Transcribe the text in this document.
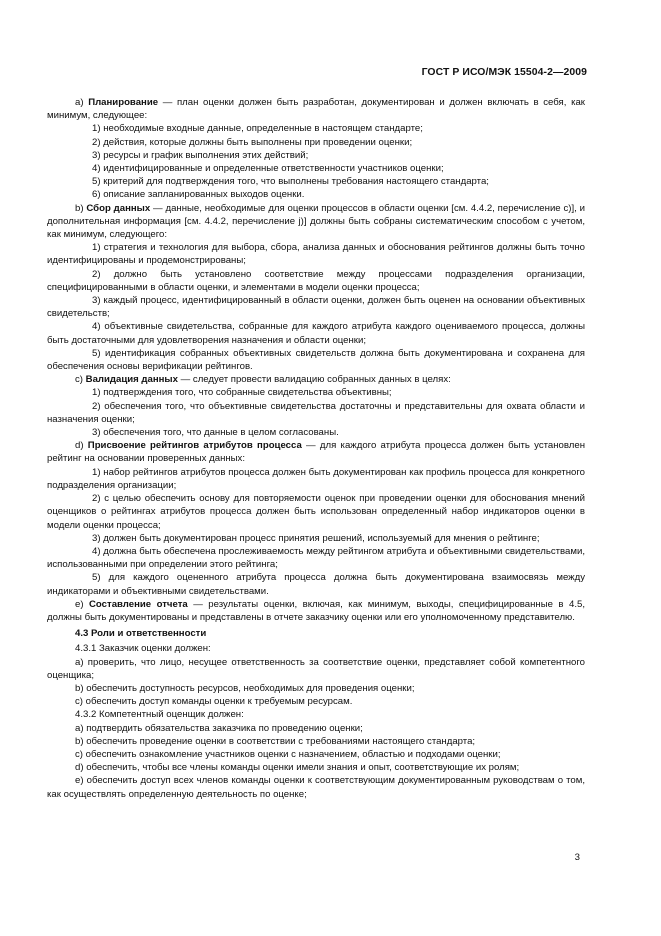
ГОСТ Р ИСО/МЭК 15504-2—2009

a) Планирование — план оценки должен быть разработан, документирован и должен включать в себя, как минимум, следующее:

1) необходимые входные данные, определенные в настоящем стандарте;

2) действия, которые должны быть выполнены при проведении оценки;

3) ресурсы и график выполнения этих действий;

4) идентифицированные и определенные ответственности участников оценки;

5) критерий для подтверждения того, что выполнены требования настоящего стандарта;

6) описание запланированных выходов оценки.

b) Сбор данных — данные, необходимые для оценки процессов в области оценки [см. 4.4.2, перечисление с)], и дополнительная информация [см. 4.4.2, перечисление j)] должны быть собраны систематическим способом с учетом, как минимум, следующего:

1) стратегия и технология для выбора, сбора, анализа данных и обоснования рейтингов должны быть точно идентифицированы и продемонстрированы;

2) должно быть установлено соответствие между процессами подразделения организации, специфицированными в области оценки, и элементами в модели оценки процесса;

3) каждый процесс, идентифицированный в области оценки, должен быть оценен на основании объективных свидетельств;

4) объективные свидетельства, собранные для каждого атрибута каждого оцениваемого процесса, должны быть достаточными для удовлетворения назначения и области оценки;

5) идентификация собранных объективных свидетельств должна быть документирована и сохранена для обеспечения основы верификации рейтингов.

c) Валидация данных — следует провести валидацию собранных данных в целях:

1) подтверждения того, что собранные свидетельства объективны;

2) обеспечения того, что объективные свидетельства достаточны и представительны для охвата области и назначения оценки;

3) обеспечения того, что данные в целом согласованы.

d) Присвоение рейтингов атрибутов процесса — для каждого атрибута процесса должен быть установлен рейтинг на основании проверенных данных:

1) набор рейтингов атрибутов процесса должен быть документирован как профиль процесса для конкретного подразделения организации;

2) с целью обеспечить основу для повторяемости оценок при проведении оценки для обоснования мнений оценщиков о рейтингах атрибутов процесса должен быть использован определенный набор индикаторов оценки в модели оценки процесса;

3) должен быть документирован процесс принятия решений, используемый для мнения о рейтинге;

4) должна быть обеспечена прослеживаемость между рейтингом атрибута и объективными свидетельствами, использованными при определении этого рейтинга;

5) для каждого оцененного атрибута процесса должна быть документирована взаимосвязь между индикаторами и объективными свидетельствами.

e) Составление отчета — результаты оценки, включая, как минимум, выходы, специфицированные в 4.5, должны быть документированы и представлены в отчете заказчику оценки или его уполномоченному представителю.

4.3 Роли и ответственности

4.3.1 Заказчик оценки должен:

a) проверить, что лицо, несущее ответственность за соответствие оценки, представляет собой компетентного оценщика;

b) обеспечить доступность ресурсов, необходимых для проведения оценки;

c) обеспечить доступ команды оценки к требуемым ресурсам.

4.3.2 Компетентный оценщик должен:

a) подтвердить обязательства заказчика по проведению оценки;

b) обеспечить проведение оценки в соответствии с требованиями настоящего стандарта;

c) обеспечить ознакомление участников оценки с назначением, областью и подходами оценки;

d) обеспечить, чтобы все члены команды оценки имели знания и опыт, соответствующие их ролям;

e) обеспечить доступ всех членов команды оценки к соответствующим документированным руководствам о том, как осуществлять определенную деятельность по оценке;

3
